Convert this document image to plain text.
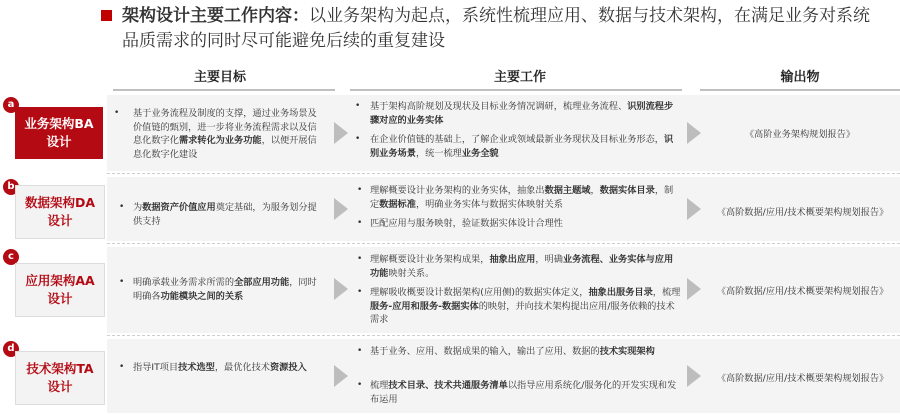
架构设计主要工作内容：以业务架构为起点，系统性梳理应用、数据与技术架构，在满足业务对系统品质需求的同时尽可能避免后续的重复建设
主要目标	主要工作	输出物
a
业务架构BA
设计
• 基于业务流程及制度的支撑，通过业务场景及价值链的甄别，进一步将业务流程需求以及信息化数字化需求转化为业务功能，以便开展信息化数字化建设
• 基于架构高阶规划及现状及目标业务情况调研，梳理业务流程、识别流程步骤对应的业务实体
• 在企业价值链的基础上，了解企业或领域最新业务现状及目标业务形态，识别业务场景，统一梳理业务全貌
《高阶业务架构规划报告》
b
数据架构DA
设计
• 为数据资产价值应用奠定基础，为服务划分提供支持
• 理解概要设计业务架构的业务实体，抽象出数据主题域，数据实体目录，制定数据标准，明确业务实体与数据实体映射关系
• 匹配应用与服务映射，验证数据实体设计合理性
《高阶数据/应用/技术概要架构规划报告》
c
应用架构AA
设计
• 明确承载业务需求所需的全部应用功能，同时明确各功能模块之间的关系
• 理解概要设计业务架构成果，抽象出应用，明确业务流程、业务实体与应用功能映射关系。
• 理解吸收概要设计数据架构(应用侧)的数据实体定义，抽象出服务目录，梳理服务-应用和服务-数据实体的映射，并向技术架构提出应用/服务依赖的技术需求
《高阶数据/应用/技术概要架构规划报告》
d
技术架构TA
设计
• 指导IT项目技术选型，最优化技术资源投入
• 基于业务、应用、数据成果的输入，输出了应用、数据的技术实现架构
• 梳理技术目录、技术共通服务清单以指导应用系统化/服务化的开发实现和发布运用
《高阶数据/应用/技术概要架构规划报告》
